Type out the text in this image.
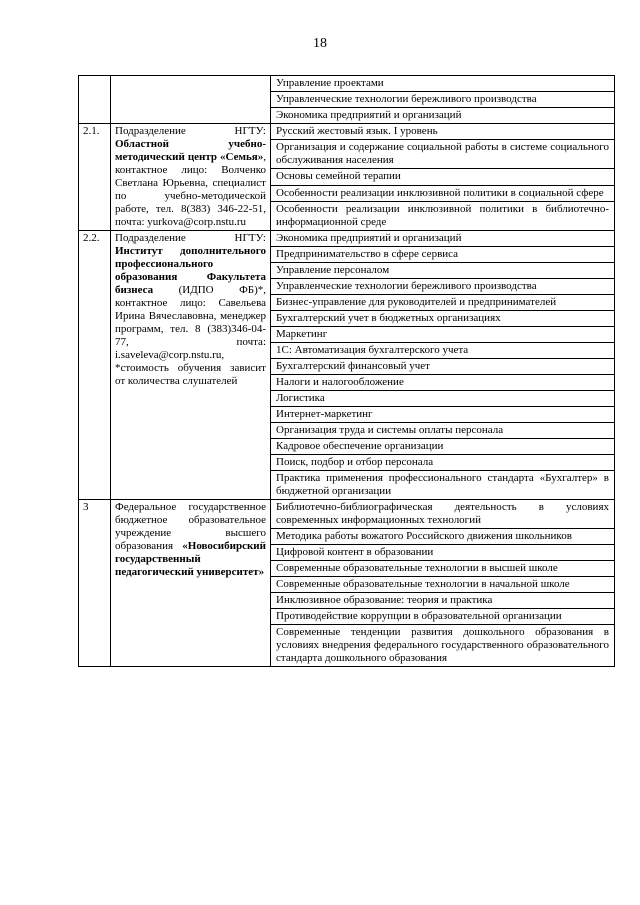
18
		Управление проектами
		Управленческие технологии бережливого производства
		Экономика предприятий и организаций
2.1.	Подразделение НГТУ: Областной учебно-методический центр «Семья», контактное лицо: Волченко Светлана Юрьевна, специалист по учебно-методической работе, тел. 8(383) 346-22-51, почта: yurkova@corp.nstu.ru	Русский жестовый язык. I уровень
		Организация и содержание социальной работы в системе социального обслуживания населения
		Основы семейной терапии
		Особенности реализации инклюзивной политики в социальной сфере
		Особенности реализации инклюзивной политики в библиотечно-информационной среде
2.2.	Подразделение НГТУ: Институт дополнительного профессионального образования Факультета бизнеса (ИДПО ФБ)*, контактное лицо: Савельева Ирина Вячеславовна, менеджер программ, тел. 8 (383)346-04-77, почта: i.saveleva@corp.nstu.ru, *стоимость обучения зависит от количества слушателей	Экономика предприятий и организаций
		Предпринимательство в сфере сервиса
		Управление персоналом
		Управленческие технологии бережливого производства
		Бизнес-управление для руководителей и предпринимателей
		Бухгалтерский учет в бюджетных организациях
		Маркетинг
		1С: Автоматизация бухгалтерского учета
		Бухгалтерский финансовый учет
		Налоги и налогообложение
		Логистика
		Интернет-маркетинг
		Организация труда и системы оплаты персонала
		Кадровое обеспечение организации
		Поиск, подбор и отбор персонала
		Практика применения профессионального стандарта «Бухгалтер» в бюджетной организации
3	Федеральное государственное бюджетное образовательное учреждение высшего образования «Новосибирский государственный педагогический университет»	Библиотечно-библиографическая деятельность в условиях современных информационных технологий
		Методика работы вожатого Российского движения школьников
		Цифровой контент в образовании
		Современные образовательные технологии в высшей школе
		Современные образовательные технологии в начальной школе
		Инклюзивное образование: теория и практика
		Противодействие коррупции в образовательной организации
		Современные тенденции развития дошкольного образования в условиях внедрения федерального государственного образовательного стандарта дошкольного образования
